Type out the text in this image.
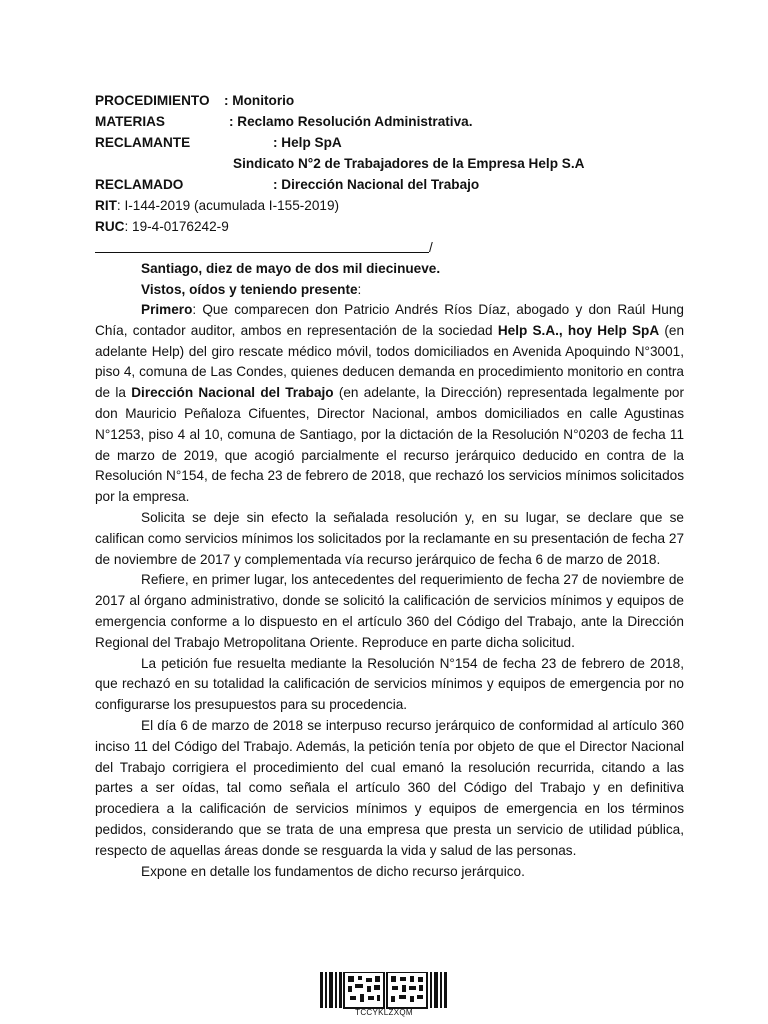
PROCEDIMIENTO : Monitorio
MATERIAS	: Reclamo Resolución Administrativa.
RECLAMANTE	: Help SpA
Sindicato N°2 de Trabajadores de la Empresa Help S.A
RECLAMADO	: Dirección Nacional del Trabajo
RIT: I-144-2019 (acumulada I-155-2019)
RUC: 19-4-0176242-9
/
Santiago, diez de mayo de dos mil diecinueve.
Vistos, oídos y teniendo presente:

Primero: Que comparecen don Patricio Andrés Ríos Díaz, abogado y don Raúl Hung Chía, contador auditor, ambos en representación de la sociedad Help S.A., hoy Help SpA (en adelante Help) del giro rescate médico móvil, todos domiciliados en Avenida Apoquindo N°3001, piso 4, comuna de Las Condes, quienes deducen demanda en procedimiento monitorio en contra de la Dirección Nacional del Trabajo (en adelante, la Dirección) representada legalmente por don Mauricio Peñaloza Cifuentes, Director Nacional, ambos domiciliados en calle Agustinas N°1253, piso 4 al 10, comuna de Santiago, por la dictación de la Resolución N°0203 de fecha 11 de marzo de 2019, que acogió parcialmente el recurso jerárquico deducido en contra de la Resolución N°154, de fecha 23 de febrero de 2018, que rechazó los servicios mínimos solicitados por la empresa.

Solicita se deje sin efecto la señalada resolución y, en su lugar, se declare que se califican como servicios mínimos los solicitados por la reclamante en su presentación de fecha 27 de noviembre de 2017 y complementada vía recurso jerárquico de fecha 6 de marzo de 2018.

Refiere, en primer lugar, los antecedentes del requerimiento de fecha 27 de noviembre de 2017 al órgano administrativo, donde se solicitó la calificación de servicios mínimos y equipos de emergencia conforme a lo dispuesto en el artículo 360 del Código del Trabajo, ante la Dirección Regional del Trabajo Metropolitana Oriente. Reproduce en parte dicha solicitud.

La petición fue resuelta mediante la Resolución N°154 de fecha 23 de febrero de 2018, que rechazó en su totalidad la calificación de servicios mínimos y equipos de emergencia por no configurarse los presupuestos para su procedencia.

El día 6 de marzo de 2018 se interpuso recurso jerárquico de conformidad al artículo 360 inciso 11 del Código del Trabajo. Además, la petición tenía por objeto de que el Director Nacional del Trabajo corrigiera el procedimiento del cual emanó la resolución recurrida, citando a las partes a ser oídas, tal como señala el artículo 360 del Código del Trabajo y en definitiva procediera a la calificación de servicios mínimos y equipos de emergencia en los términos pedidos, considerando que se trata de una empresa que presta un servicio de utilidad pública, respecto de aquellas áreas donde se resguarda la vida y salud de las personas.

Expone en detalle los fundamentos de dicho recurso jerárquico.

TCCYKLZXQM
